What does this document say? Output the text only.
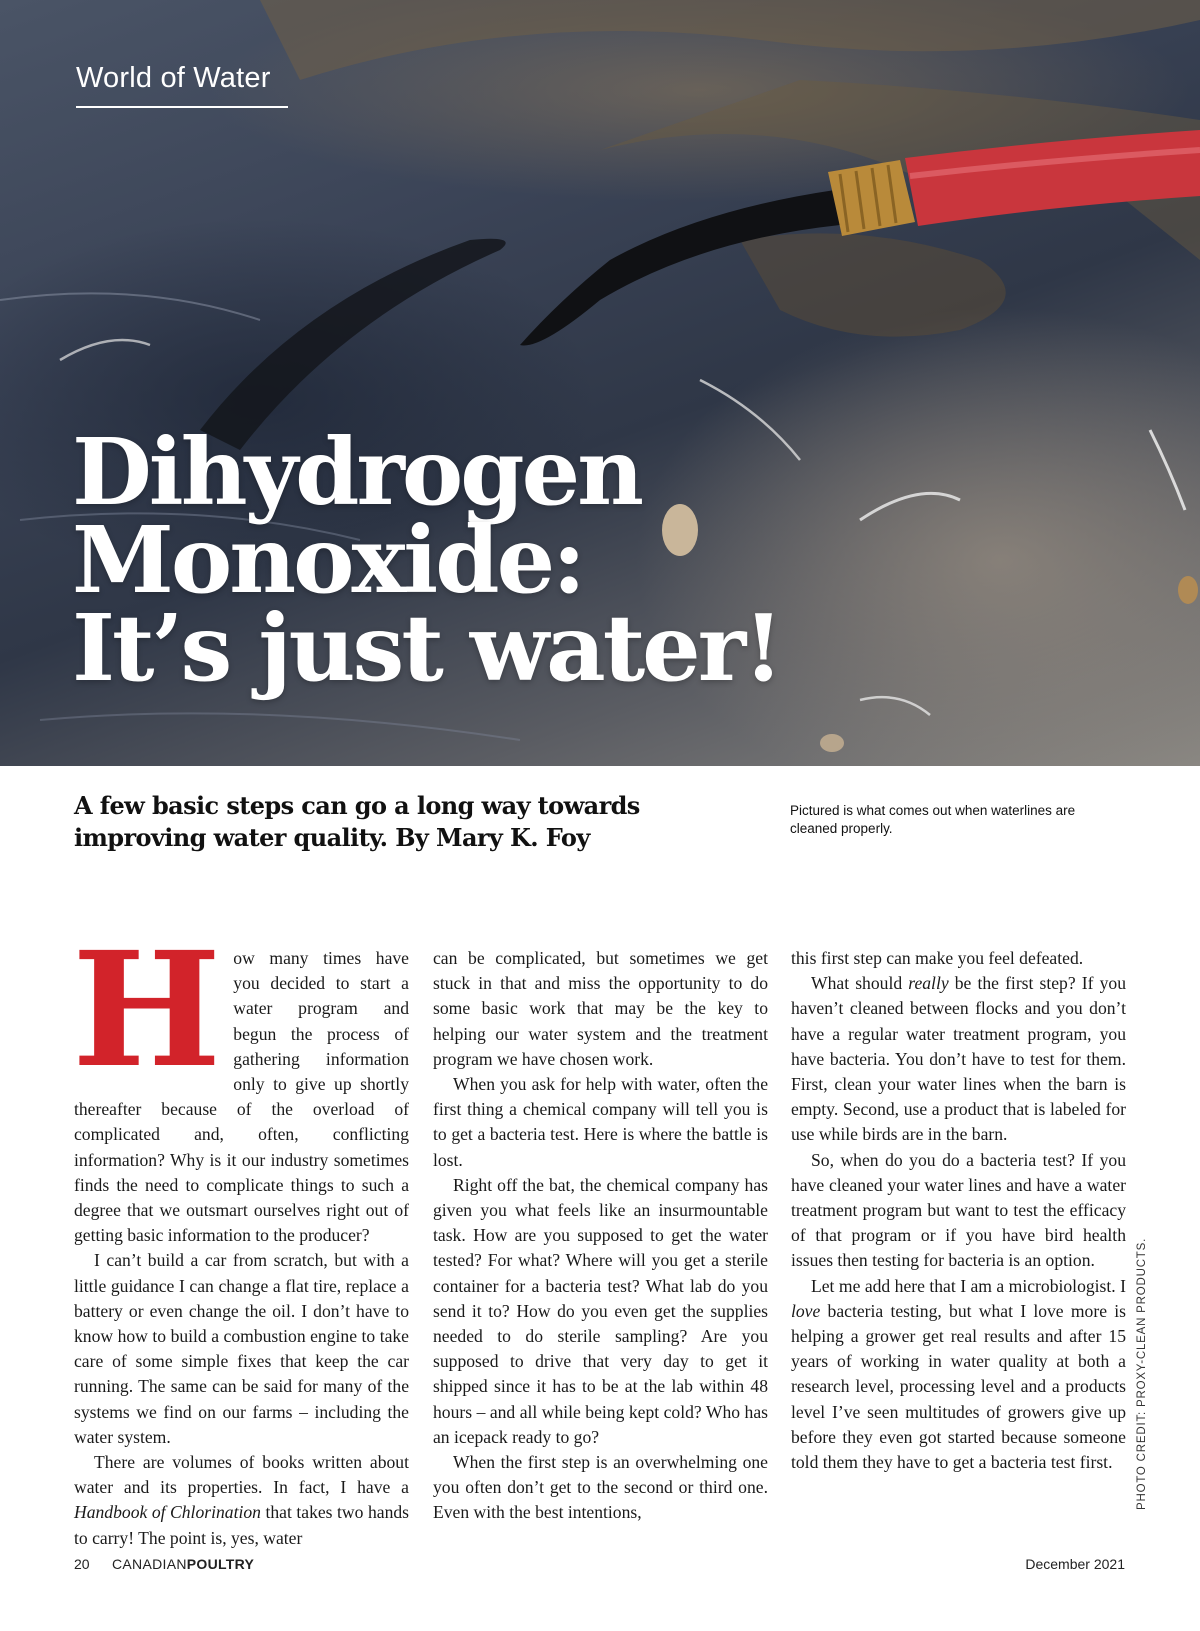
World of Water
Dihydrogen
Monoxide:
It’s just water!

A few basic steps can go a long way towards improving water quality. By Mary K. Foy

Pictured is what comes out when waterlines are cleaned properly.

How many times have you decided to start a water program and begun the process of gathering information only to give up shortly thereafter because of the overload of complicated and, often, conflicting information? Why is it our industry sometimes finds the need to complicate things to such a degree that we outsmart ourselves right out of getting basic information to the producer?

I can’t build a car from scratch, but with a little guidance I can change a flat tire, replace a battery or even change the oil. I don’t have to know how to build a combustion engine to take care of some simple fixes that keep the car running. The same can be said for many of the systems we find on our farms – including the water system.

There are volumes of books written about water and its properties. In fact, I have a Handbook of Chlorination that takes two hands to carry! The point is, yes, water

can be complicated, but sometimes we get stuck in that and miss the opportunity to do some basic work that may be the key to helping our water system and the treatment program we have chosen work.

When you ask for help with water, often the first thing a chemical company will tell you is to get a bacteria test. Here is where the battle is lost.

Right off the bat, the chemical company has given you what feels like an insurmountable task. How are you supposed to get the water tested? For what? Where will you get a sterile container for a bacteria test? What lab do you send it to? How do you even get the supplies needed to do sterile sampling? Are you supposed to drive that very day to get it shipped since it has to be at the lab within 48 hours – and all while being kept cold? Who has an icepack ready to go?

When the first step is an overwhelming one you often don’t get to the second or third one. Even with the best intentions,

this first step can make you feel defeated.

What should really be the first step? If you haven’t cleaned between flocks and you don’t have a regular water treatment program, you have bacteria. You don’t have to test for them. First, clean your water lines when the barn is empty. Second, use a product that is labeled for use while birds are in the barn.

So, when do you do a bacteria test? If you have cleaned your water lines and have a water treatment program but want to test the efficacy of that program or if you have bird health issues then testing for bacteria is an option.

Let me add here that I am a microbiologist. I love bacteria testing, but what I love more is helping a grower get real results and after 15 years of working in water quality at both a research level, processing level and a products level I’ve seen multitudes of growers give up before they even got started because someone told them they have to get a bacteria test first.	PHOTO CREDIT: PROXY-CLEAN PRODUCTS.
20 CANADIANPOULTRY	December 2021
